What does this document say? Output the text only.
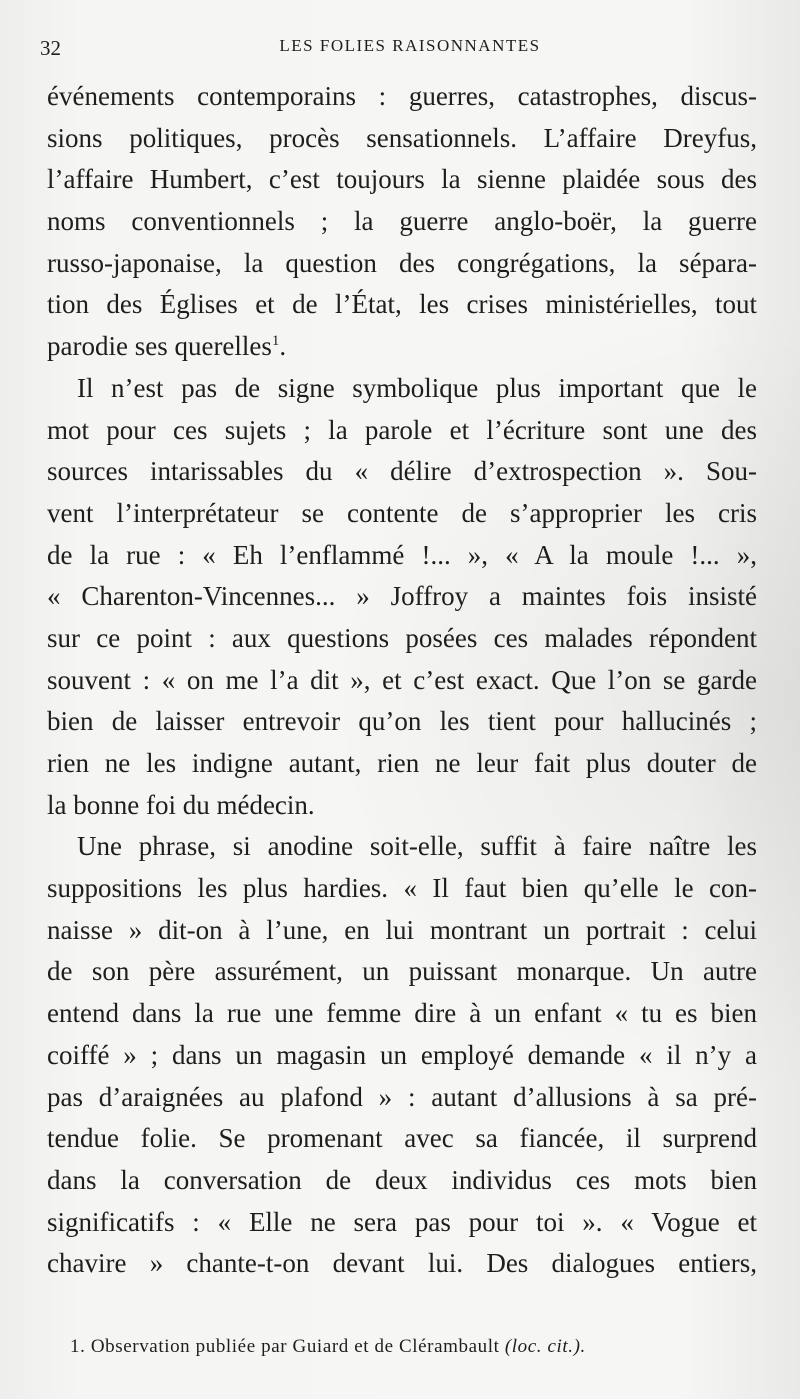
32	LES FOLIES RAISONNANTES
événements contemporains : guerres, catastrophes, discus-
sions politiques, procès sensationnels. L’affaire Dreyfus,
l’affaire Humbert, c’est toujours la sienne plaidée sous des
noms conventionnels ; la guerre anglo-boër, la guerre
russo-japonaise, la question des congrégations, la sépara-
tion des Églises et de l’État, les crises ministérielles, tout
parodie ses querelles$^1$.
Il n’est pas de signe symbolique plus important que le
mot pour ces sujets ; la parole et l’écriture sont une des
sources intarissables du « délire d’extrospection ». Sou-
vent l’interprétateur se contente de s’approprier les cris
de la rue : « Eh l’enflammé !... », « A la moule !... »,
« Charenton-Vincennes... » Joffroy a maintes fois insisté
sur ce point : aux questions posées ces malades répondent
souvent : « on me l’a dit », et c’est exact. Que l’on se garde
bien de laisser entrevoir qu’on les tient pour hallucinés ;
rien ne les indigne autant, rien ne leur fait plus douter de
la bonne foi du médecin.
Une phrase, si anodine soit-elle, suffit à faire naître les
suppositions les plus hardies. « Il faut bien qu’elle le con-
naisse » dit-on à l’une, en lui montrant un portrait : celui
de son père assurément, un puissant monarque. Un autre
entend dans la rue une femme dire à un enfant « tu es bien
coiffé » ; dans un magasin un employé demande « il n’y a
pas d’araignées au plafond » : autant d’allusions à sa pré-
tendue folie. Se promenant avec sa fiancée, il surprend
dans la conversation de deux individus ces mots bien
significatifs : « Elle ne sera pas pour toi ». « Vogue et
chavire » chante-t-on devant lui. Des dialogues entiers,
1. Observation publiée par Guiard et de Clérambault (loc. cit.).
